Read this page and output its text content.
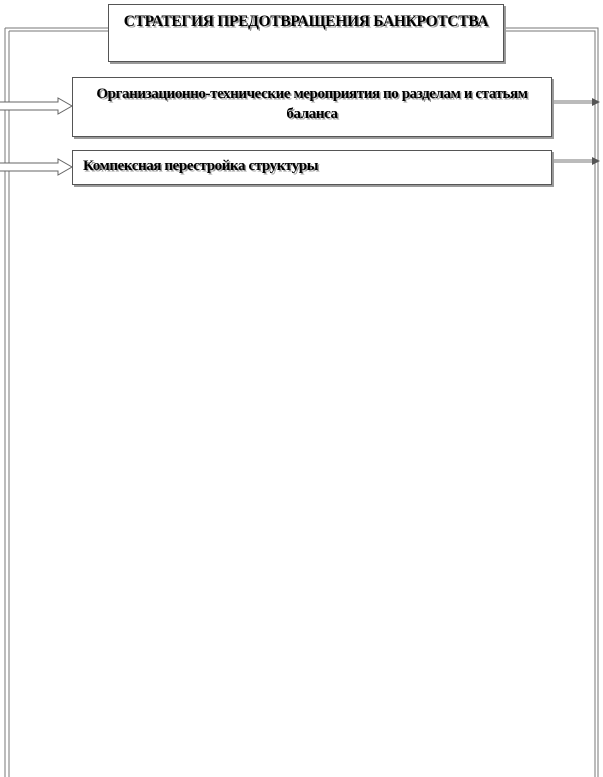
СТРАТЕГИЯ ПРЕДОТВРАЩЕНИЯ БАНКРОТСТВА
Организационно-технические мероприятия по разделам и статьям баланса
Компексная перестройка структуры
